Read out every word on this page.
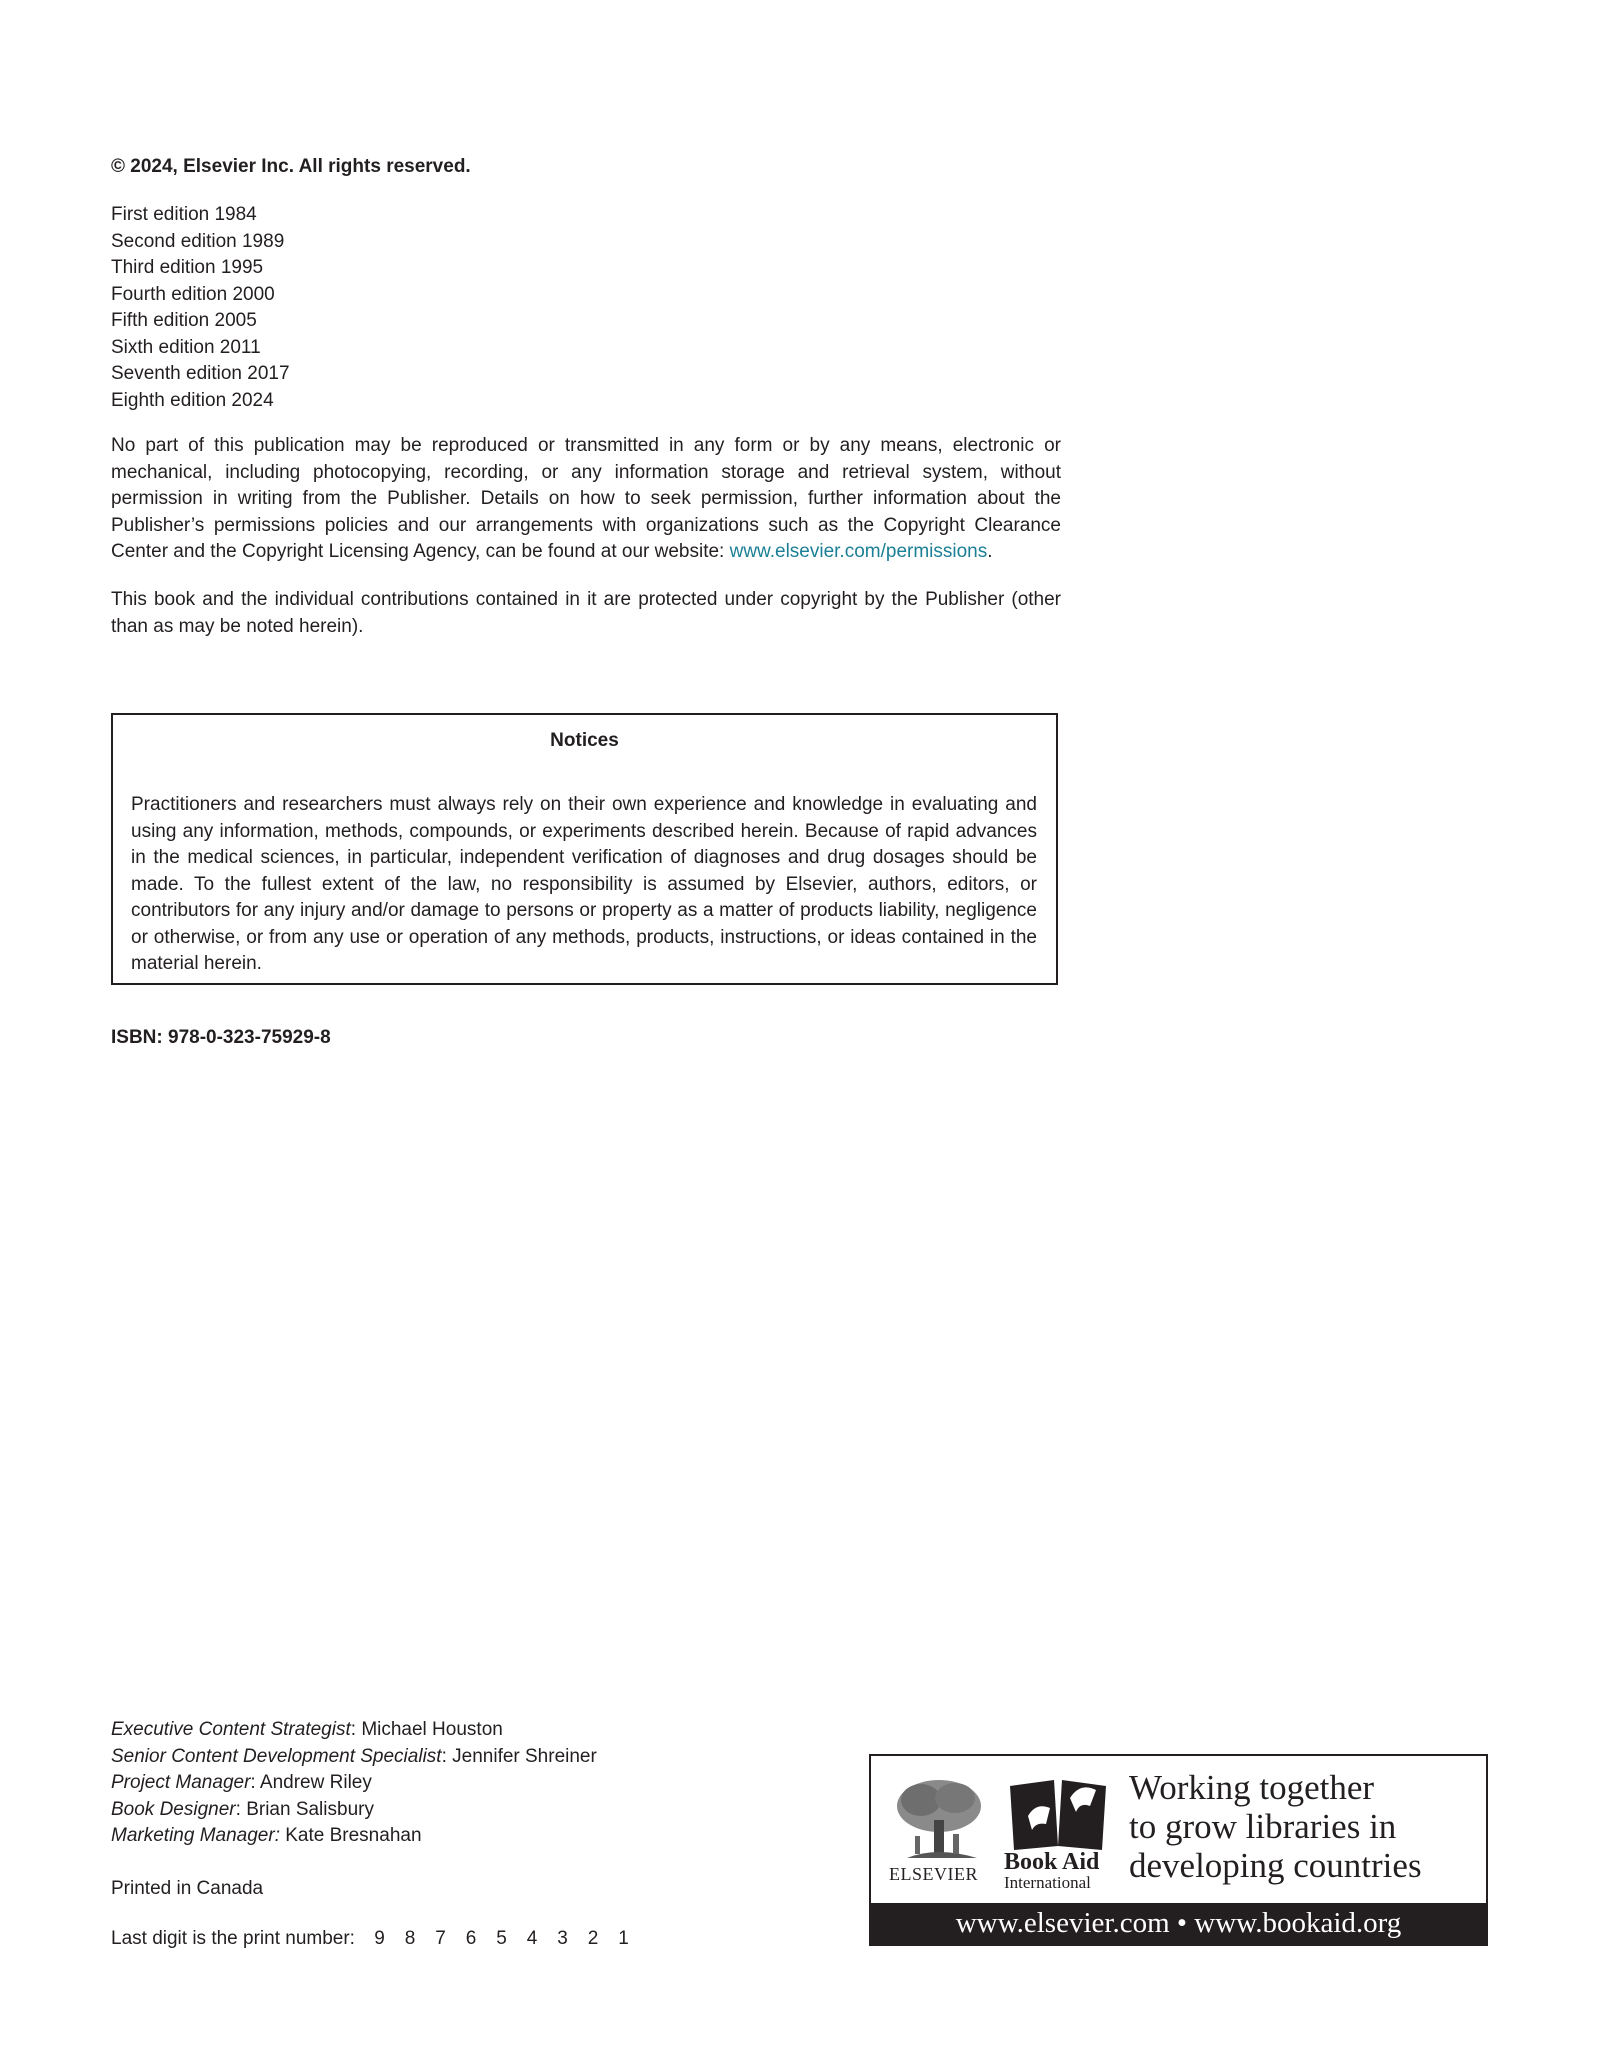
© 2024, Elsevier Inc. All rights reserved.
First edition 1984
Second edition 1989
Third edition 1995
Fourth edition 2000
Fifth edition 2005
Sixth edition 2011
Seventh edition 2017
Eighth edition 2024

No part of this publication may be reproduced or transmitted in any form or by any means, electronic or mechanical, including photocopying, recording, or any information storage and retrieval system, without permission in writing from the Publisher. Details on how to seek permission, further information about the Publisher’s permissions policies and our arrangements with organizations such as the Copyright Clearance Center and the Copyright Licensing Agency, can be found at our website: www.elsevier.com/permissions.

This book and the individual contributions contained in it are protected under copyright by the Publisher (other than as may be noted herein).

Notices

Practitioners and researchers must always rely on their own experience and knowledge in evaluating and using any information, methods, compounds, or experiments described herein. Because of rapid advances in the medical sciences, in particular, independent verification of diagnoses and drug dosages should be made. To the fullest extent of the law, no responsibility is assumed by Elsevier, authors, editors, or contributors for any injury and/or damage to persons or property as a matter of products liability, negligence or otherwise, or from any use or operation of any methods, products, instructions, or ideas contained in the material herein.

ISBN: 978-0-323-75929-8
Executive Content Strategist: Michael Houston
Senior Content Development Specialist: Jennifer Shreiner
Project Manager: Andrew Riley
Book Designer: Brian Salisbury
Marketing Manager: Kate Bresnahan
Printed in Canada
Last digit is the print number: 9 8 7 6 5 4 3 2 1
ELSEVIER Book Aid
International
Working together
to grow libraries in
developing countries
www.elsevier.com • www.bookaid.org
